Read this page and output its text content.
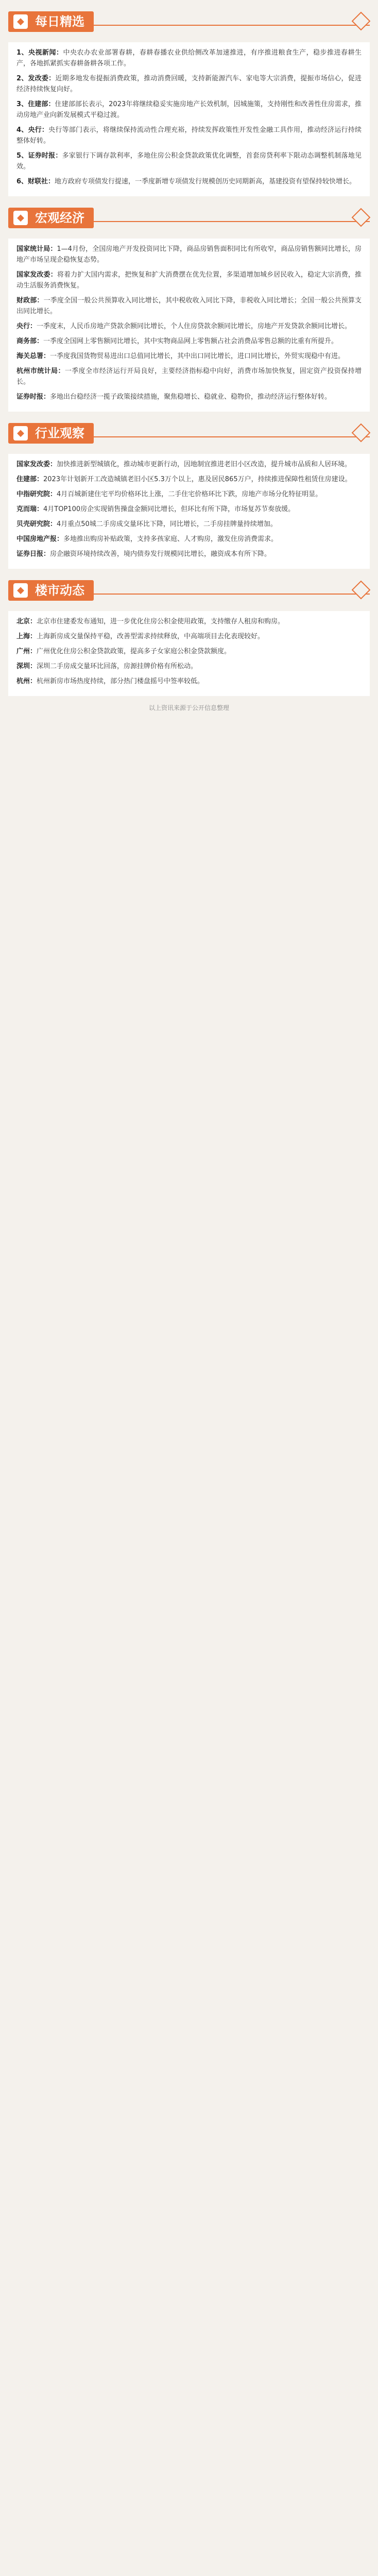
◆ 每日精选
1、央视新闻：中央农办农业部署春耕，春耕春播农业供给侧改革加速推进，有序推进粮食生产，稳步推进春耕生产，各地抓紧抓实春耕备耕各项工作。
2、发改委：近期多地发布提振消费政策，推动消费回暖，支持新能源汽车、家电等大宗消费，提振市场信心，促进经济持续恢复向好。
3、住建部：住建部部长表示，2023年将继续稳妥实施房地产长效机制，因城施策，支持刚性和改善性住房需求，推动房地产业向新发展模式平稳过渡。
4、央行：央行等部门表示，将继续保持流动性合理充裕，持续发挥政策性开发性金融工具作用，推动经济运行持续整体好转。
5、证券时报：多家银行下调存款利率，多地住房公积金贷款政策优化调整，首套房贷利率下限动态调整机制落地见效。
6、财联社：地方政府专项债发行提速，一季度新增专项债发行规模创历史同期新高，基建投资有望保持较快增长。
◆ 宏观经济
国家统计局：1—4月份，全国房地产开发投资同比下降，商品房销售面积同比有所收窄，商品房销售额同比增长，房地产市场呈现企稳恢复态势。
国家发改委：将着力扩大国内需求，把恢复和扩大消费摆在优先位置，多渠道增加城乡居民收入，稳定大宗消费，推动生活服务消费恢复。
财政部：一季度全国一般公共预算收入同比增长，其中税收收入同比下降，非税收入同比增长；全国一般公共预算支出同比增长。
央行：一季度末，人民币房地产贷款余额同比增长，个人住房贷款余额同比增长，房地产开发贷款余额同比增长。
商务部：一季度全国网上零售额同比增长，其中实物商品网上零售额占社会消费品零售总额的比重有所提升。
海关总署：一季度我国货物贸易进出口总值同比增长，其中出口同比增长，进口同比增长，外贸实现稳中有进。
杭州市统计局：一季度全市经济运行开局良好，主要经济指标稳中向好，消费市场加快恢复，固定资产投资保持增长。
证券时报：多地出台稳经济一揽子政策接续措施，聚焦稳增长、稳就业、稳物价，推动经济运行整体好转。
◆ 行业观察
国家发改委：加快推进新型城镇化，推动城市更新行动，因地制宜推进老旧小区改造，提升城市品质和人居环境。
住建部：2023年计划新开工改造城镇老旧小区5.3万个以上，惠及居民865万户，持续推进保障性租赁住房建设。
中指研究院：4月百城新建住宅平均价格环比上涨，二手住宅价格环比下跌，房地产市场分化特征明显。
克而瑞：4月TOP100房企实现销售操盘金额同比增长，但环比有所下降，市场复苏节奏放缓。
贝壳研究院：4月重点50城二手房成交量环比下降，同比增长，二手房挂牌量持续增加。
中国房地产报：多地推出购房补贴政策，支持多孩家庭、人才购房，激发住房消费需求。
证券日报：房企融资环境持续改善，境内债券发行规模同比增长，融资成本有所下降。
◆ 楼市动态
北京：北京市住建委发布通知，进一步优化住房公积金使用政策，支持缴存人租房和购房。
上海：上海新房成交量保持平稳，改善型需求持续释放，中高端项目去化表现较好。
广州：广州优化住房公积金贷款政策，提高多子女家庭公积金贷款额度。
深圳：深圳二手房成交量环比回落，房源挂牌价格有所松动。
杭州：杭州新房市场热度持续，部分热门楼盘摇号中签率较低。
以上资讯来源于公开信息整理
